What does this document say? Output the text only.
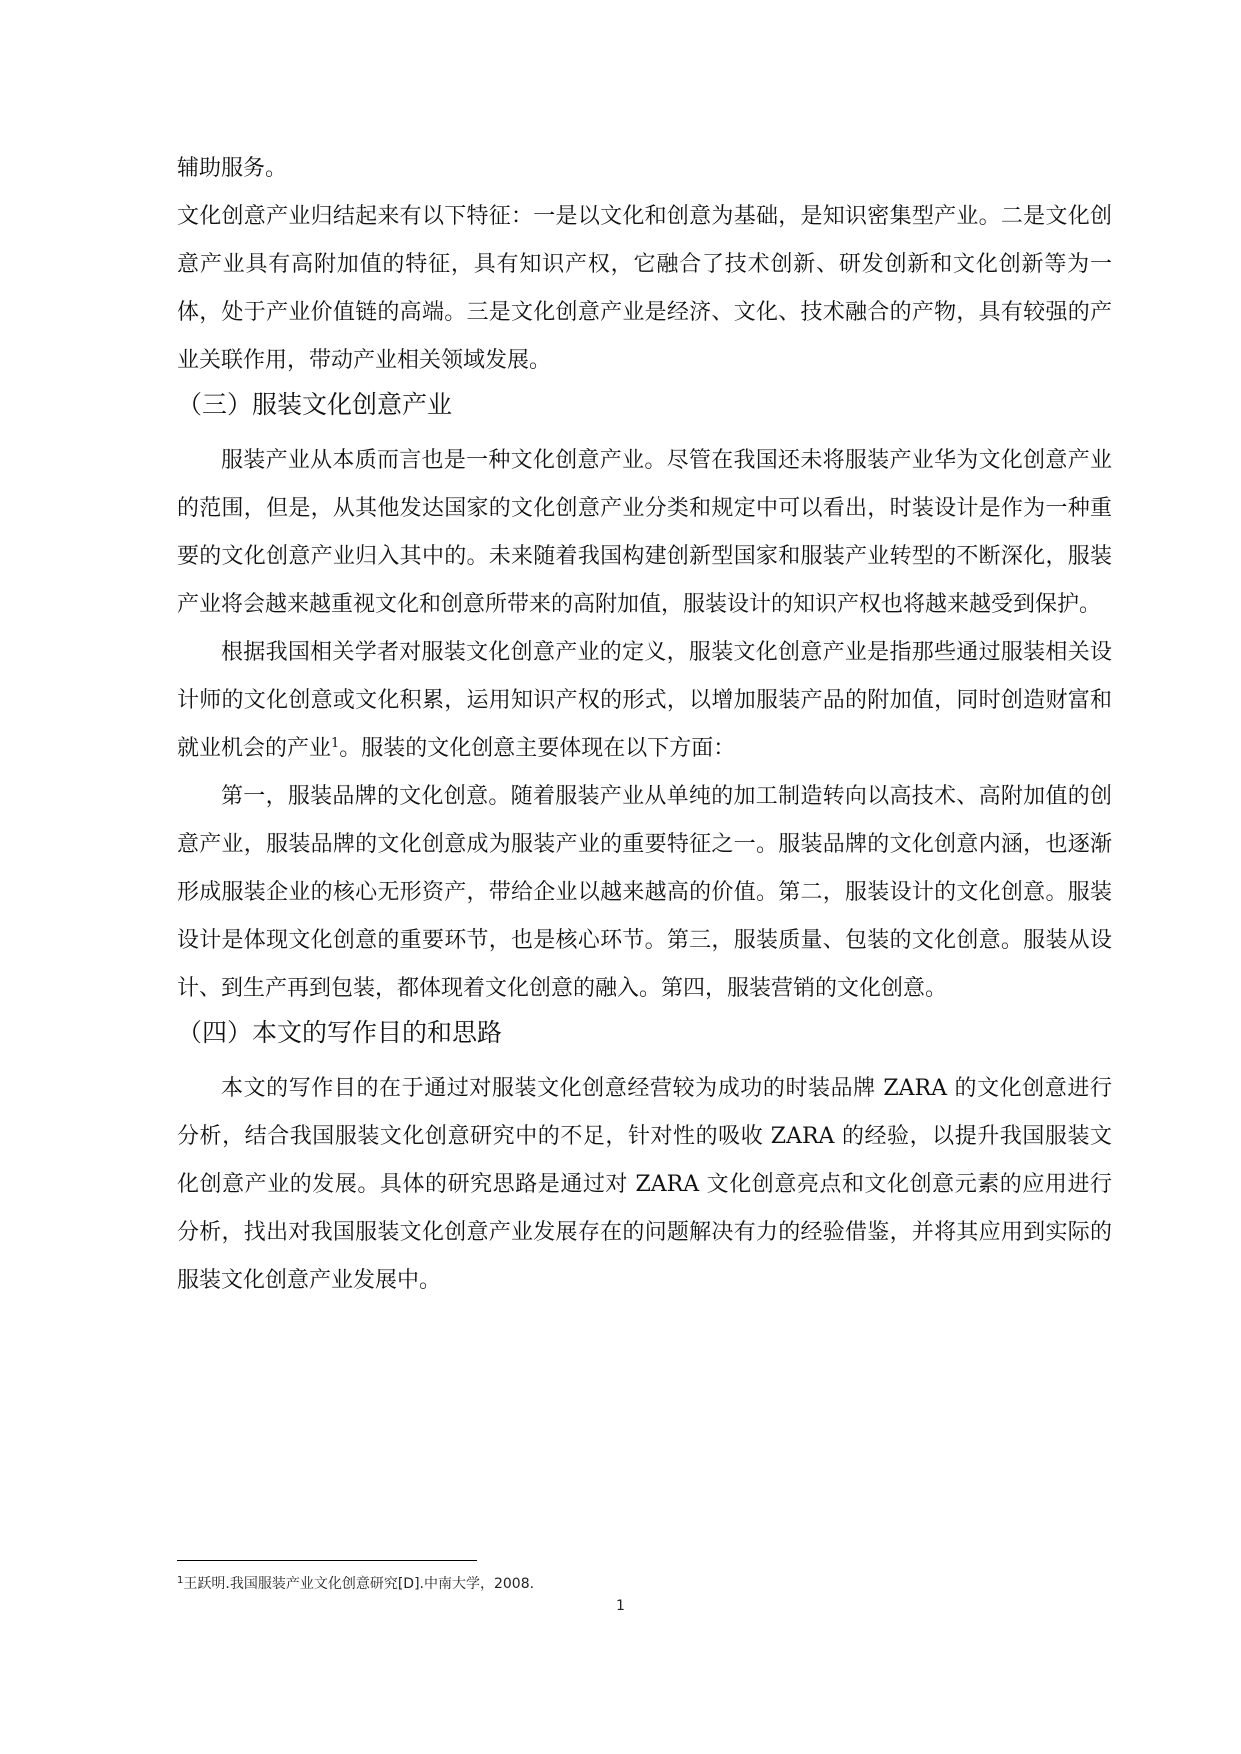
辅助服务。

文化创意产业归结起来有以下特征：一是以文化和创意为基础，是知识密集型产业。二是文化创意产业具有高附加值的特征，具有知识产权，它融合了技术创新、研发创新和文化创新等为一体，处于产业价值链的高端。三是文化创意产业是经济、文化、技术融合的产物，具有较强的产业关联作用，带动产业相关领域发展。

（三）服装文化创意产业

服装产业从本质而言也是一种文化创意产业。尽管在我国还未将服装产业华为文化创意产业的范围，但是，从其他发达国家的文化创意产业分类和规定中可以看出，时装设计是作为一种重要的文化创意产业归入其中的。未来随着我国构建创新型国家和服装产业转型的不断深化，服装产业将会越来越重视文化和创意所带来的高附加值，服装设计的知识产权也将越来越受到保护。

根据我国相关学者对服装文化创意产业的定义，服装文化创意产业是指那些通过服装相关设计师的文化创意或文化积累，运用知识产权的形式，以增加服装产品的附加值，同时创造财富和就业机会的产业$^1$。服装的文化创意主要体现在以下方面：

第一，服装品牌的文化创意。随着服装产业从单纯的加工制造转向以高技术、高附加值的创意产业，服装品牌的文化创意成为服装产业的重要特征之一。服装品牌的文化创意内涵，也逐渐形成服装企业的核心无形资产，带给企业以越来越高的价值。第二，服装设计的文化创意。服装设计是体现文化创意的重要环节，也是核心环节。第三，服装质量、包装的文化创意。服装从设计、到生产再到包装，都体现着文化创意的融入。第四，服装营销的文化创意。

（四）本文的写作目的和思路

本文的写作目的在于通过对服装文化创意经营较为成功的时装品牌 ZARA 的文化创意进行分析，结合我国服装文化创意研究中的不足，针对性的吸收 ZARA 的经验，以提升我国服装文化创意产业的发展。具体的研究思路是通过对 ZARA 文化创意亮点和文化创意元素的应用进行分析，找出对我国服装文化创意产业发展存在的问题解决有力的经验借鉴，并将其应用到实际的服装文化创意产业发展中。

$^1$王跃明.我国服装产业文化创意研究[D].中南大学，2008.
1
